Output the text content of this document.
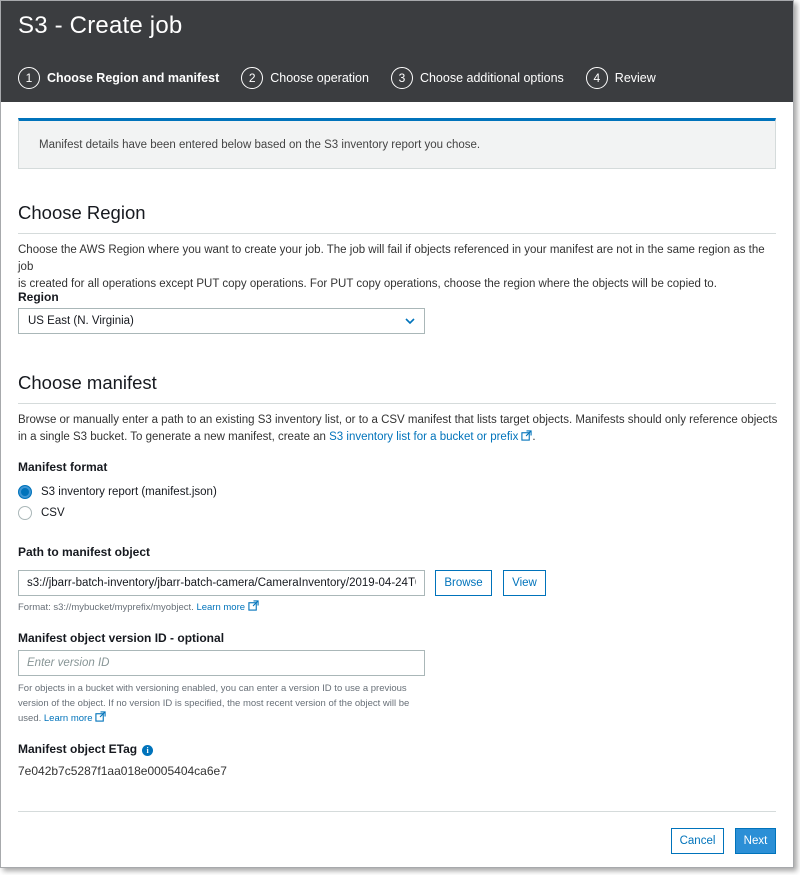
S3 - Create job
1	Choose Region and manifest	2	Choose operation	3	Choose additional options	4	Review
Manifest details have been entered below based on the S3 inventory report you chose.
Choose Region
Choose the AWS Region where you want to create your job. The job will fail if objects referenced in your manifest are not in the same region as the job
is created for all operations except PUT copy operations. For PUT copy operations, choose the region where the objects will be copied to.
Region
US East (N. Virginia)
Choose manifest
Browse or manually enter a path to an existing S3 inventory list, or to a CSV manifest that lists target objects. Manifests should only reference objects
in a single S3 bucket. To generate a new manifest, create an S3 inventory list for a bucket or prefix .
Manifest format
S3 inventory report (manifest.json)
CSV
Path to manifest object
s3://jbarr-batch-inventory/jbarr-batch-camera/CameraInventory/2019-04-24T0
Browse	View
Format: s3://mybucket/myprefix/myobject. Learn more
Manifest object version ID - optional
Enter version ID
For objects in a bucket with versioning enabled, you can enter a version ID to use a previous
version of the object. If no version ID is specified, the most recent version of the object will be
used. Learn more
Manifest object ETag i
7e042b7c5287f1aa018e0005404ca6e7
Cancel	Next
